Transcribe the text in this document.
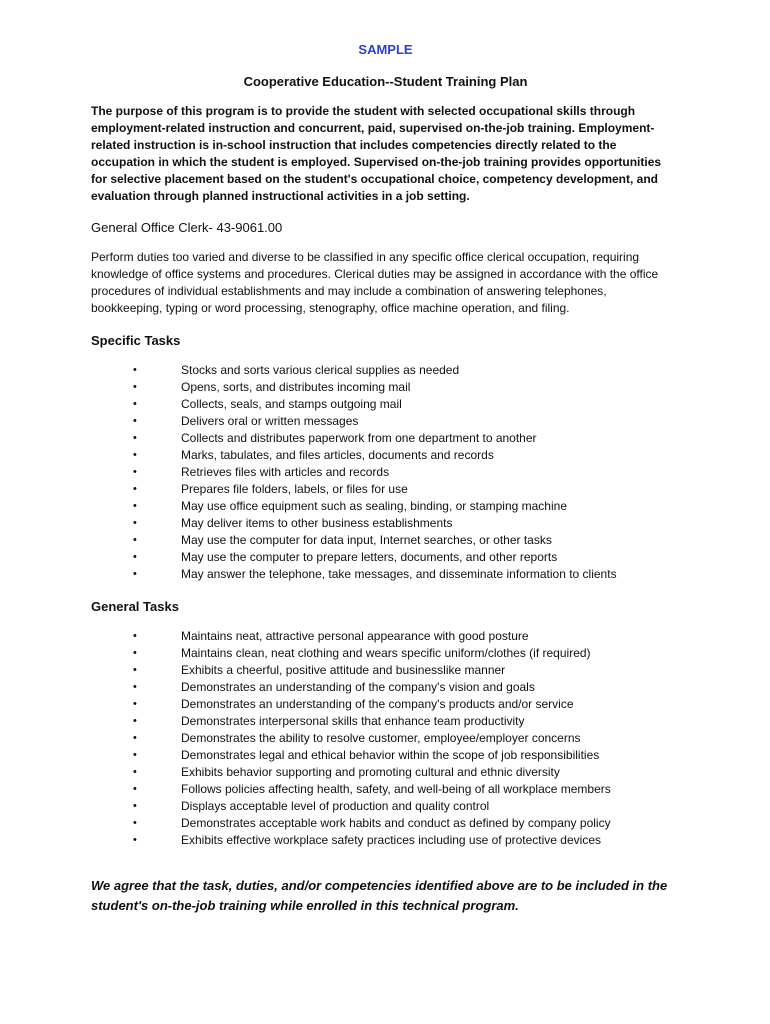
SAMPLE
Cooperative Education--Student Training Plan

The purpose of this program is to provide the student with selected occupational skills through employment-related instruction and concurrent, paid, supervised on-the-job training. Employment-related instruction is in-school instruction that includes competencies directly related to the occupation in which the student is employed. Supervised on-the-job training provides opportunities for selective placement based on the student's occupational choice, competency development, and evaluation through planned instructional activities in a job setting.

General Office Clerk- 43-9061.00
Perform duties too varied and diverse to be classified in any specific office clerical occupation, requiring knowledge of office systems and procedures. Clerical duties may be assigned in accordance with the office procedures of individual establishments and may include a combination of answering telephones, bookkeeping, typing or word processing, stenography, office machine operation, and filing.
Specific Tasks
•	Stocks and sorts various clerical supplies as needed
•	Opens, sorts, and distributes incoming mail
•	Collects, seals, and stamps outgoing mail
•	Delivers oral or written messages
•	Collects and distributes paperwork from one department to another
•	Marks, tabulates, and files articles, documents and records
•	Retrieves files with articles and records
•	Prepares file folders, labels, or files for use
•	May use office equipment such as sealing, binding, or stamping machine
•	May deliver items to other business establishments
•	May use the computer for data input, Internet searches, or other tasks
•	May use the computer to prepare letters, documents, and other reports
•	May answer the telephone, take messages, and disseminate information to clients
General Tasks
•	Maintains neat, attractive personal appearance with good posture
•	Maintains clean, neat clothing and wears specific uniform/clothes (if required)
•	Exhibits a cheerful, positive attitude and businesslike manner
•	Demonstrates an understanding of the company's vision and goals
•	Demonstrates an understanding of the company's products and/or service
•	Demonstrates interpersonal skills that enhance team productivity
•	Demonstrates the ability to resolve customer, employee/employer concerns
•	Demonstrates legal and ethical behavior within the scope of job responsibilities
•	Exhibits behavior supporting and promoting cultural and ethnic diversity
•	Follows policies affecting health, safety, and well-being of all workplace members
•	Displays acceptable level of production and quality control
•	Demonstrates acceptable work habits and conduct as defined by company policy
•	Exhibits effective workplace safety practices including use of protective devices
We agree that the task, duties, and/or competencies identified above are to be included in the student's on-the-job training while enrolled in this technical program.
